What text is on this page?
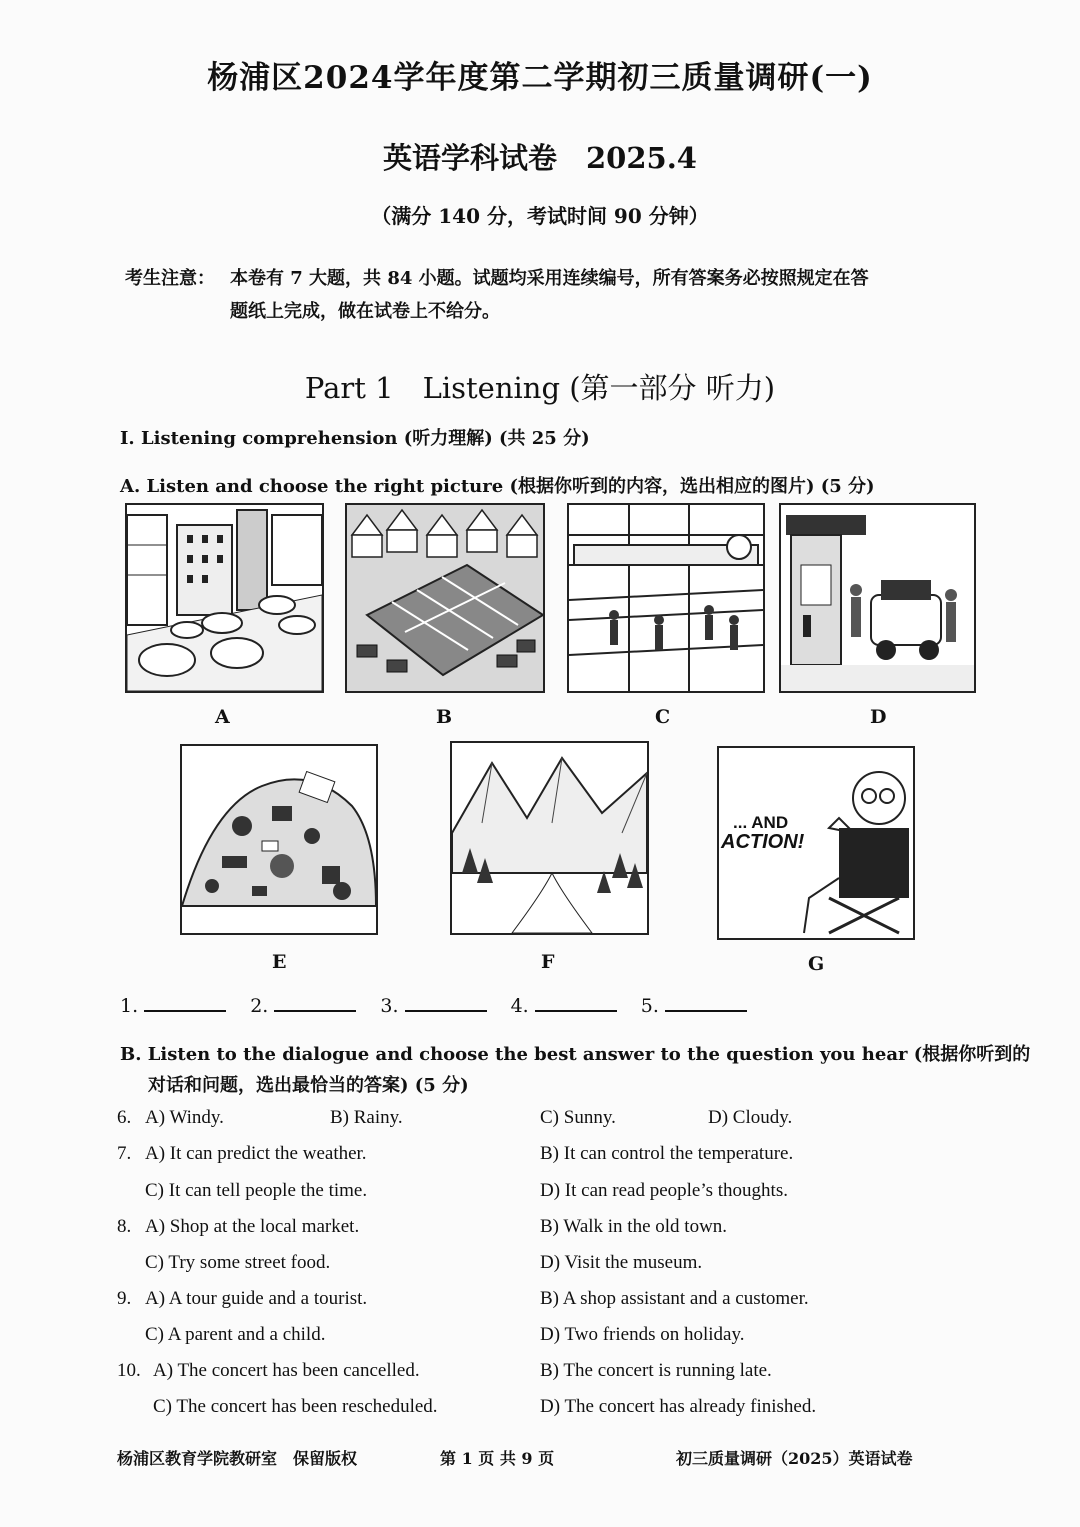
杨浦区2024学年度第二学期初三质量调研(一)
英语学科试卷　2025.4
（满分 140 分，考试时间 90 分钟）
考生注意： 本卷有 7 大题，共 84 小题。试题均采用连续编号，所有答案务必按照规定在答
题纸上完成，做在试卷上不给分。
Part 1　Listening (第一部分 听力)
I. Listening comprehension (听力理解) (共 25 分)
A. Listen and choose the right picture (根据你听到的内容，选出相应的图片) (5 分)
A	B	C	D
E	F
... AND
ACTION!
G
1.	2.	3.	4.	5.
B. Listen to the dialogue and choose the best answer to the question you hear (根据你听到的
对话和问题，选出最恰当的答案) (5 分)
6. A) Windy.	B) Rainy.	C) Sunny.	D) Cloudy.
7. A) It can predict the weather.	B) It can control the temperature.
C) It can tell people the time.	D) It can read people’s thoughts.
8. A) Shop at the local market.	B) Walk in the old town.
C) Try some street food.	D) Visit the museum.
9. A) A tour guide and a tourist.	B) A shop assistant and a customer.
C) A parent and a child.	D) Two friends on holiday.
10. A) The concert has been cancelled.	B) The concert is running late.
C) The concert has been rescheduled.	D) The concert has already finished.
杨浦区教育学院教研室　保留版权	第 1 页 共 9 页	初三质量调研（2025）英语试卷
